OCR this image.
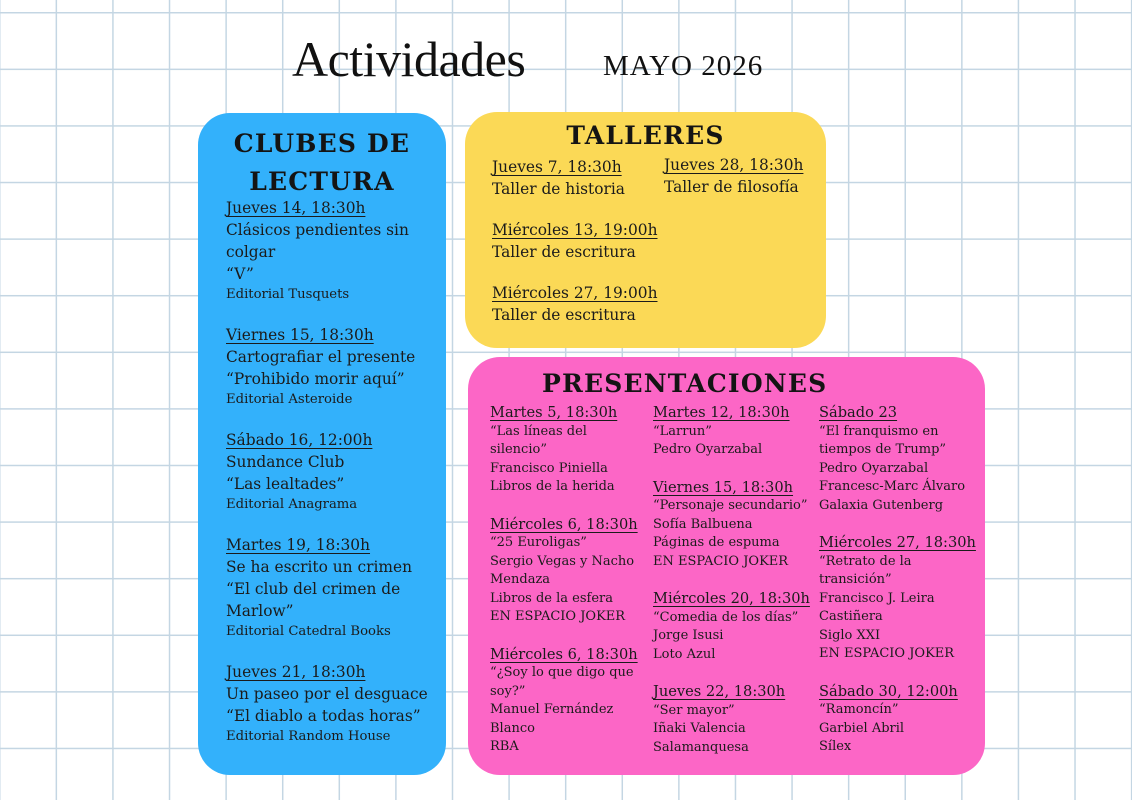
Actividades	MAYO 2026
CLUBES DE LECTURA
Jueves 14, 18:30h
Clásicos pendientes sin colgar
“V”
Editorial Tusquets
Viernes 15, 18:30h
Cartografiar el presente
“Prohibido morir aquí”
Editorial Asteroide
Sábado 16, 12:00h
Sundance Club
“Las lealtades”
Editorial Anagrama
Martes 19, 18:30h
Se ha escrito un crimen
“El club del crimen de Marlow”
Editorial Catedral Books
Jueves 21, 18:30h
Un paseo por el desguace
“El diablo a todas horas”
Editorial Random House
TALLERES
Jueves 7, 18:30h
Taller de historia
Miércoles 13, 19:00h
Taller de escritura
Miércoles 27, 19:00h
Taller de escritura
Jueves 28, 18:30h
Taller de filosofía
PRESENTACIONES
Martes 5, 18:30h
“Las líneas del silencio”
Francisco Piniella
Libros de la herida
Miércoles 6, 18:30h
“25 Euroligas”
Sergio Vegas y Nacho Mendaza
Libros de la esfera
EN ESPACIO JOKER
Miércoles 6, 18:30h
“¿Soy lo que digo que soy?”
Manuel Fernández Blanco
RBA
Martes 12, 18:30h
“Larrun”
Pedro Oyarzabal
Viernes 15, 18:30h
“Personaje secundario”
Sofía Balbuena
Páginas de espuma
EN ESPACIO JOKER
Miércoles 20, 18:30h
“Comedia de los días”
Jorge Isusi
Loto Azul
Jueves 22, 18:30h
“Ser mayor”
Iñaki Valencia Salamanquesa
Sábado 23
“El franquismo en tiempos de Trump”
Pedro Oyarzabal
Francesc-Marc Álvaro
Galaxia Gutenberg
Miércoles 27, 18:30h
“Retrato de la transición”
Francisco J. Leira Castiñera
Siglo XXI
EN ESPACIO JOKER
Sábado 30, 12:00h
“Ramoncín”
Garbiel Abril
Sílex
